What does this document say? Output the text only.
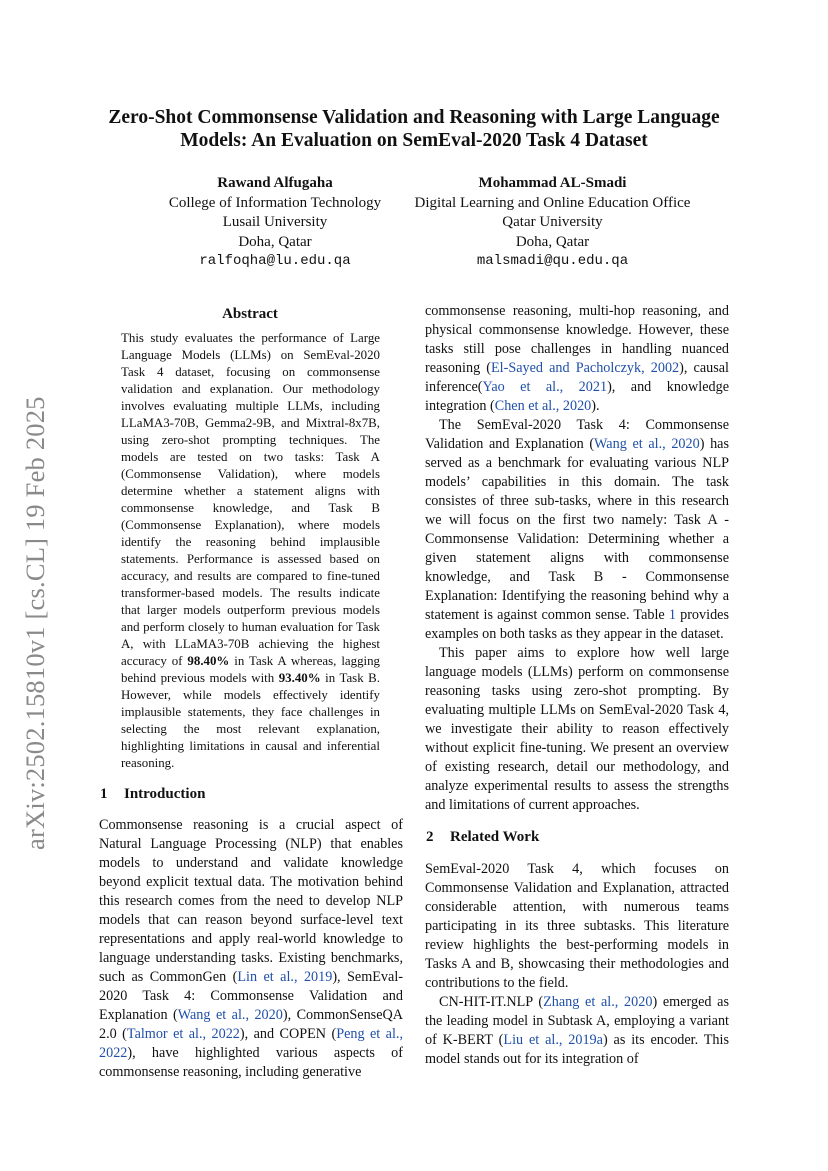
Zero-Shot Commonsense Validation and Reasoning with Large Language
Models: An Evaluation on SemEval-2020 Task 4 Dataset
Rawand Alfugaha
College of Information Technology
Lusail University
Doha, Qatar
ralfoqha@lu.edu.qa
Mohammad AL-Smadi
Digital Learning and Online Education Office
Qatar University
Doha, Qatar
malsmadi@qu.edu.qa
arXiv:2502.15810v1 [cs.CL] 19 Feb 2025
Abstract
This study evaluates the performance of Large Language Models (LLMs) on SemEval-2020 Task 4 dataset, focusing on commonsense validation and explanation. Our methodology involves evaluating multiple LLMs, including LLaMA3-70B, Gemma2-9B, and Mixtral-8x7B, using zero-shot prompting techniques. The models are tested on two tasks: Task A (Commonsense Validation), where models determine whether a statement aligns with commonsense knowledge, and Task B (Commonsense Explanation), where models identify the reasoning behind implausible statements. Performance is assessed based on accuracy, and results are compared to fine-tuned transformer-based models. The results indicate that larger models outperform previous models and perform closely to human evaluation for Task A, with LLaMA3-70B achieving the highest accuracy of 98.40% in Task A whereas, lagging behind previous models with 93.40% in Task B. However, while models effectively identify implausible statements, they face challenges in selecting the most relevant explanation, highlighting limitations in causal and inferential reasoning.
1 Introduction

Commonsense reasoning is a crucial aspect of Natural Language Processing (NLP) that enables models to understand and validate knowledge beyond explicit textual data. The motivation behind this research comes from the need to develop NLP models that can reason beyond surface-level text representations and apply real-world knowledge to language understanding tasks. Existing benchmarks, such as CommonGen (Lin et al., 2019), SemEval-2020 Task 4: Commonsense Validation and Explanation (Wang et al., 2020), CommonSenseQA 2.0 (Talmor et al., 2022), and COPEN (Peng et al., 2022), have highlighted various aspects of commonsense reasoning, including generative

commonsense reasoning, multi-hop reasoning, and physical commonsense knowledge. However, these tasks still pose challenges in handling nuanced reasoning (El-Sayed and Pacholczyk, 2002), causal inference(Yao et al., 2021), and knowledge integration (Chen et al., 2020).

The SemEval-2020 Task 4: Commonsense Validation and Explanation (Wang et al., 2020) has served as a benchmark for evaluating various NLP models’ capabilities in this domain. The task consistes of three sub-tasks, where in this research we will focus on the first two namely: Task A - Commonsense Validation: Determining whether a given statement aligns with commonsense knowledge, and Task B - Commonsense Explanation: Identifying the reasoning behind why a statement is against common sense. Table 1 provides examples on both tasks as they appear in the dataset.

This paper aims to explore how well large language models (LLMs) perform on commonsense reasoning tasks using zero-shot prompting. By evaluating multiple LLMs on SemEval-2020 Task 4, we investigate their ability to reason effectively without explicit fine-tuning. We present an overview of existing research, detail our methodology, and analyze experimental results to assess the strengths and limitations of current approaches.

2 Related Work

SemEval-2020 Task 4, which focuses on Commonsense Validation and Explanation, attracted considerable attention, with numerous teams participating in its three subtasks. This literature review highlights the best-performing models in Tasks A and B, showcasing their methodologies and contributions to the field.

CN-HIT-IT.NLP (Zhang et al., 2020) emerged as the leading model in Subtask A, employing a variant of K-BERT (Liu et al., 2019a) as its encoder. This model stands out for its integration of
